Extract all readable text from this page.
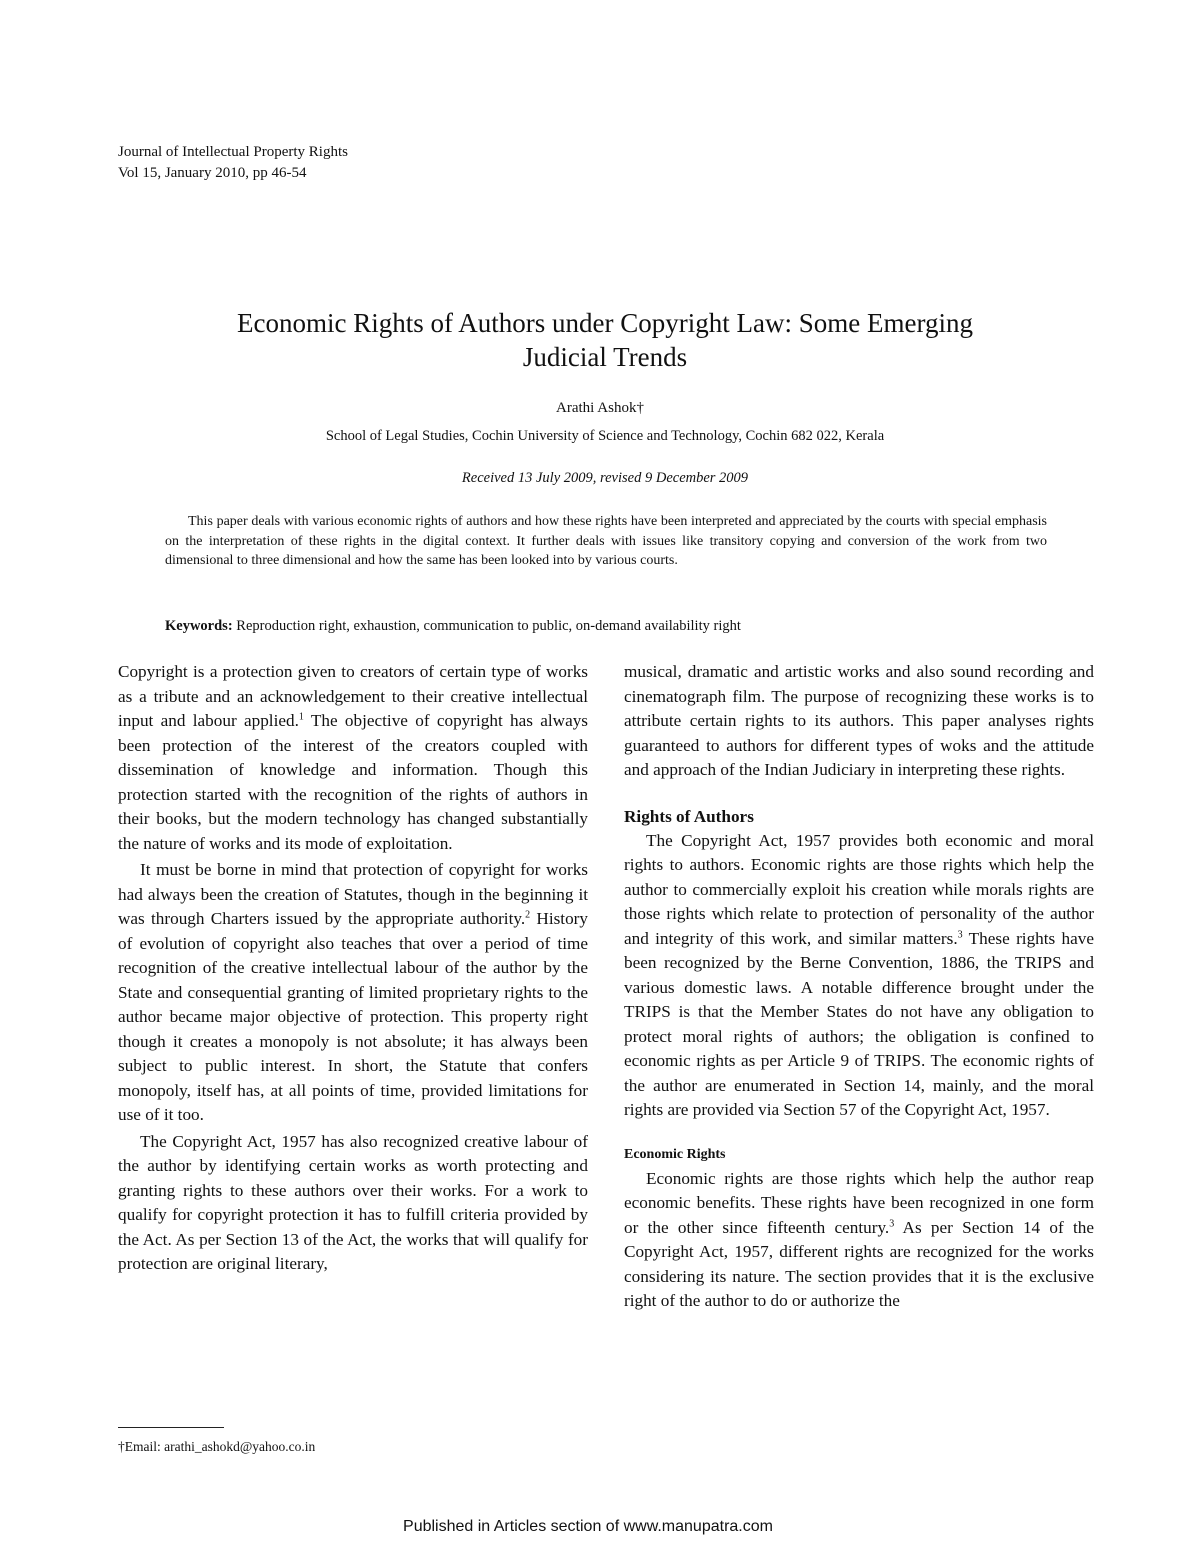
Journal of Intellectual Property Rights
Vol 15, January 2010, pp 46-54
Economic Rights of Authors under Copyright Law: Some Emerging
Judicial Trends
Arathi Ashok†
School of Legal Studies, Cochin University of Science and Technology, Cochin 682 022, Kerala
Received 13 July 2009, revised 9 December 2009

This paper deals with various economic rights of authors and how these rights have been interpreted and appreciated by the courts with special emphasis on the interpretation of these rights in the digital context. It further deals with issues like transitory copying and conversion of the work from two dimensional to three dimensional and how the same has been looked into by various courts.

Keywords: Reproduction right, exhaustion, communication to public, on-demand availability right

Copyright is a protection given to creators of certain type of works as a tribute and an acknowledgement to their creative intellectual input and labour applied.$^1$ The objective of copyright has always been protection of the interest of the creators coupled with dissemination of knowledge and information. Though this protection started with the recognition of the rights of authors in their books, but the modern technology has changed substantially the nature of works and its mode of exploitation.

It must be borne in mind that protection of copyright for works had always been the creation of Statutes, though in the beginning it was through Charters issued by the appropriate authority.$^2$ History of evolution of copyright also teaches that over a period of time recognition of the creative intellectual labour of the author by the State and consequential granting of limited proprietary rights to the author became major objective of protection. This property right though it creates a monopoly is not absolute; it has always been subject to public interest. In short, the Statute that confers monopoly, itself has, at all points of time, provided limitations for use of it too.

The Copyright Act, 1957 has also recognized creative labour of the author by identifying certain works as worth protecting and granting rights to these authors over their works. For a work to qualify for copyright protection it has to fulfill criteria provided by the Act. As per Section 13 of the Act, the works that will qualify for protection are original literary,

musical, dramatic and artistic works and also sound recording and cinematograph film. The purpose of recognizing these works is to attribute certain rights to its authors. This paper analyses rights guaranteed to authors for different types of woks and the attitude and approach of the Indian Judiciary in interpreting these rights.

Rights of Authors

The Copyright Act, 1957 provides both economic and moral rights to authors. Economic rights are those rights which help the author to commercially exploit his creation while morals rights are those rights which relate to protection of personality of the author and integrity of this work, and similar matters.$^3$ These rights have been recognized by the Berne Convention, 1886, the TRIPS and various domestic laws. A notable difference brought under the TRIPS is that the Member States do not have any obligation to protect moral rights of authors; the obligation is confined to economic rights as per Article 9 of TRIPS. The economic rights of the author are enumerated in Section 14, mainly, and the moral rights are provided via Section 57 of the Copyright Act, 1957.

Economic Rights

Economic rights are those rights which help the author reap economic benefits. These rights have been recognized in one form or the other since fifteenth century.$^3$ As per Section 14 of the Copyright Act, 1957, different rights are recognized for the works considering its nature. The section provides that it is the exclusive right of the author to do or authorize the

†Email: arathi_ashokd@yahoo.co.in
Published in Articles section of www.manupatra.com
